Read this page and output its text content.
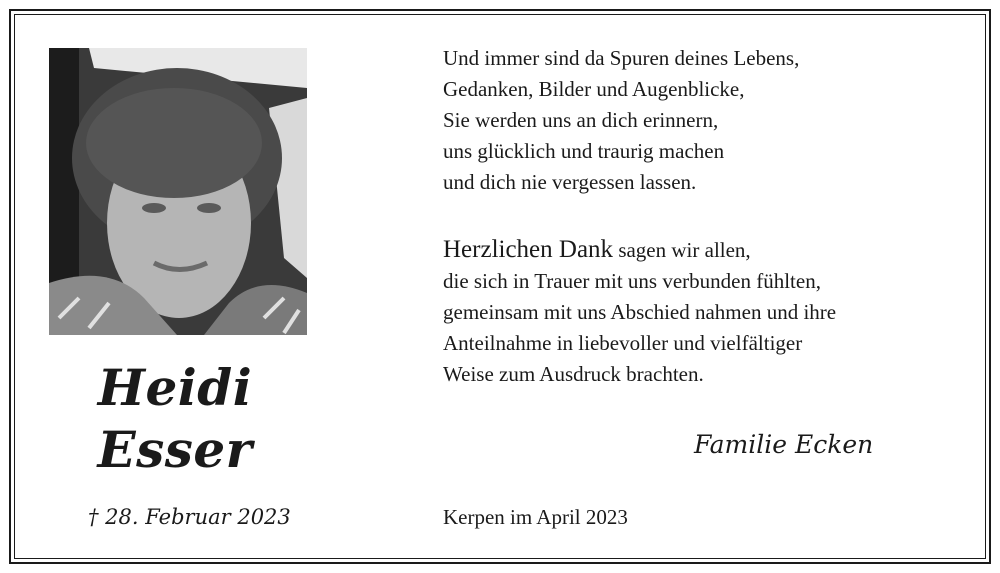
Heidi
Esser
† 28. Februar 2023
Und immer sind da Spuren deines Lebens,
Gedanken, Bilder und Augenblicke,
Sie werden uns an dich erinnern,
uns glücklich und traurig machen
und dich nie vergessen lassen.
Herzlichen Dank sagen wir allen,
die sich in Trauer mit uns verbunden fühlten,
gemeinsam mit uns Abschied nahmen und ihre
Anteilnahme in liebevoller und vielfältiger
Weise zum Ausdruck brachten.
Familie Ecken
Kerpen im April 2023
